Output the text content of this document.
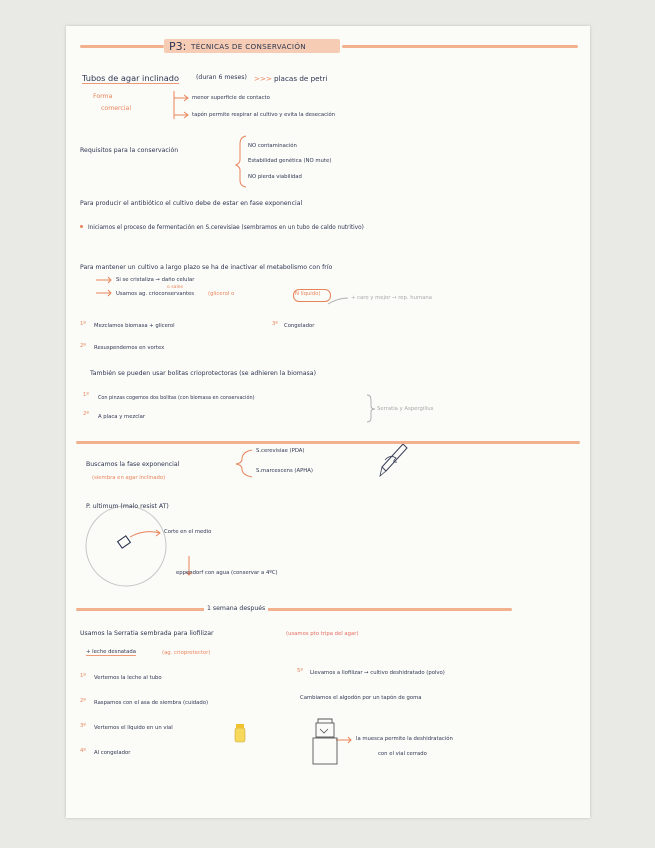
P3: TÉCNICAS DE CONSERVACIÓN
Tubos de agar inclinado	(duran 6 meses) >>> placas de petri
Forma
comercial
menor superficie de contacto
tapón permite respirar al cultivo y evita la desecación
Requisitos para la conservación
NO contaminación
Estabilidad genética (NO mute)
NO pierda viabilidad
Para producir el antibiótico el cultivo debe de estar en fase exponencial
Iniciamos el proceso de fermentación en S.cerevisiae (sembramos en un tubo de caldo nutritivo)
Para mantener un cultivo a largo plazo se ha de inactivar el metabolismo con frío
Si se cristaliza → daño celular
o sales
Usamos ag. crioconservantes	(glicerol o	N líquido)
+ caro y mejor → rep. humana
1º Mezclamos biomasa + glicerol	3º Congelador
2º Resuspendemos en vortex
También se pueden usar bolitas crioprotectoras (se adhieren la biomasa)
1º Con pinzas cogemos dos bolitas (con biomasa en conservación)
Serratia y Aspergillus
2º A placa y mezclar
Buscamos la fase exponencial
(siembra en agar inclinado)
S.cerevisiae (PDA)
S.marcescens (APHA)
P. ultimum (malo resist AT)
Corte en el medio
eppendorf con agua (conservar a 4ºC)
1 semana después
Usamos la Serratia sembrada para liofilizar	(usamos pto tripa del agar)
+ leche desnatada	(ag. crioprotector)
1º Vertemos la leche al tubo
2º Raspamos con el asa de siembra (cuidado)
3º Vertemos el líquido en un vial
4º Al congelador
5º Llevamos a liofilizar → cultivo deshidratado (polvo)
Cambiamos el algodón por un tapón de goma
la muesca permite la deshidratación
con el vial cerrado
